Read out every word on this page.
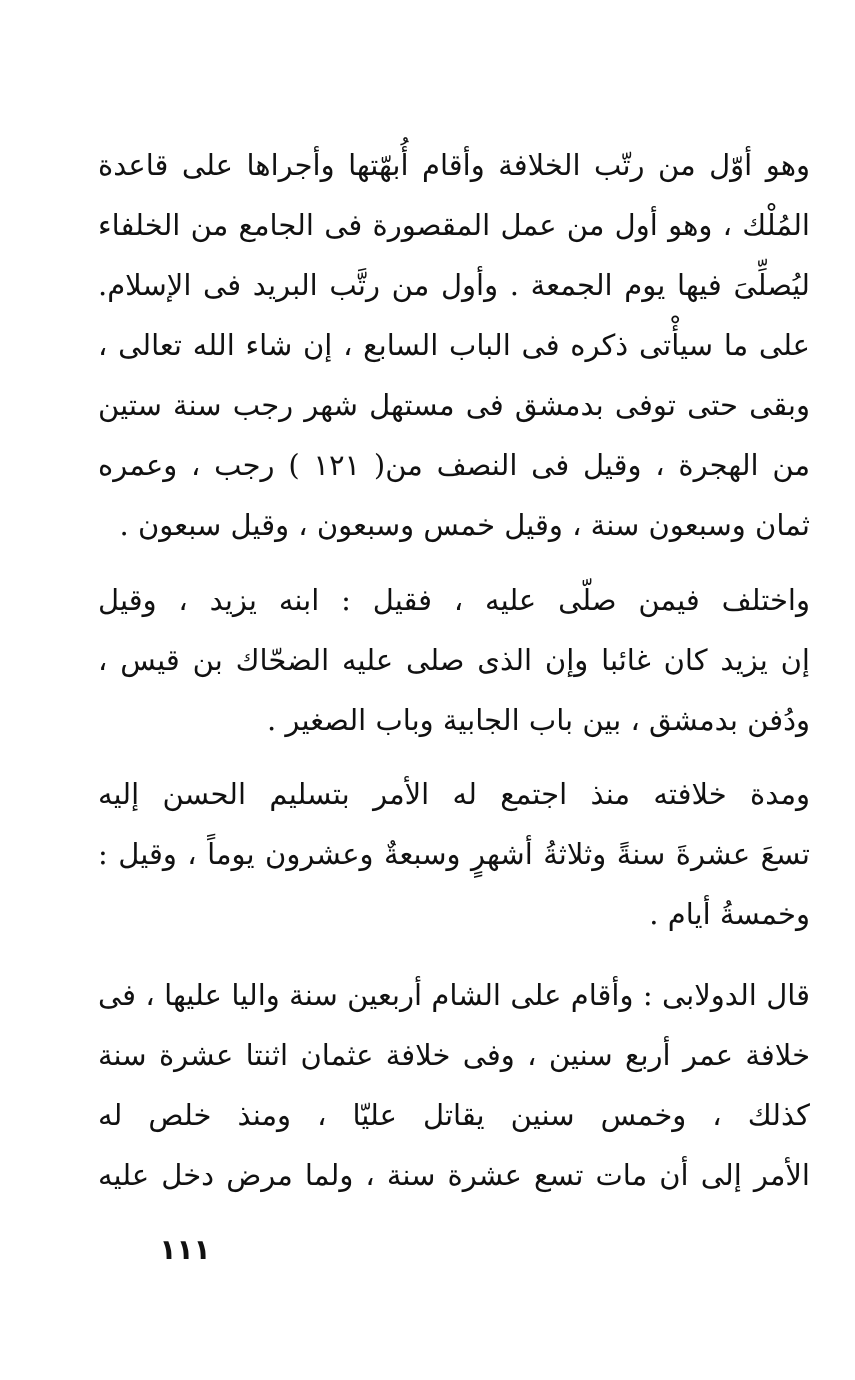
وهو أوّل من رتّب الخلافة وأقام أُبهّتها وأجراها على قاعدة
المُلْك ، وهو أول من عمل المقصورة فى الجامع من الخلفاء
ليُصلِّىَ فيها يوم الجمعة . وأول من رتَّب البريد فى الإسلام.
على ما سيأْتى ذكره فى الباب السابع ، إن شاء الله تعالى ،
وبقى حتى توفى بدمشق فى مستهل شهر رجب سنة ستين
من الهجرة ، وقيل فى النصف من( ١٢١ ) رجب ، وعمره
ثمان وسبعون سنة ، وقيل خمس وسبعون ، وقيل سبعون .
واختلف فيمن صلّى عليه ، فقيل : ابنه يزيد ، وقيل
إن يزيد كان غائبا وإن الذى صلى عليه الضحّاك بن قيس ،
ودُفن بدمشق ، بين باب الجابية وباب الصغير .
ومدة خلافته منذ اجتمع له الأمر بتسليم الحسن إليه
تسعَ عشرةَ سنةً وثلاثةُ أشهرٍ وسبعةٌ وعشرون يوماً ، وقيل :
وخمسةُ أيام .
قال الدولابى : وأقام على الشام أربعين سنة واليا عليها ، فى
خلافة عمر أربع سنين ، وفى خلافة عثمان اثنتا عشرة سنة
كذلك ، وخمس سنين يقاتل عليّا ، ومنذ خلص له
الأمر إلى أن مات تسع عشرة سنة ، ولما مرض دخل عليه
١١١
